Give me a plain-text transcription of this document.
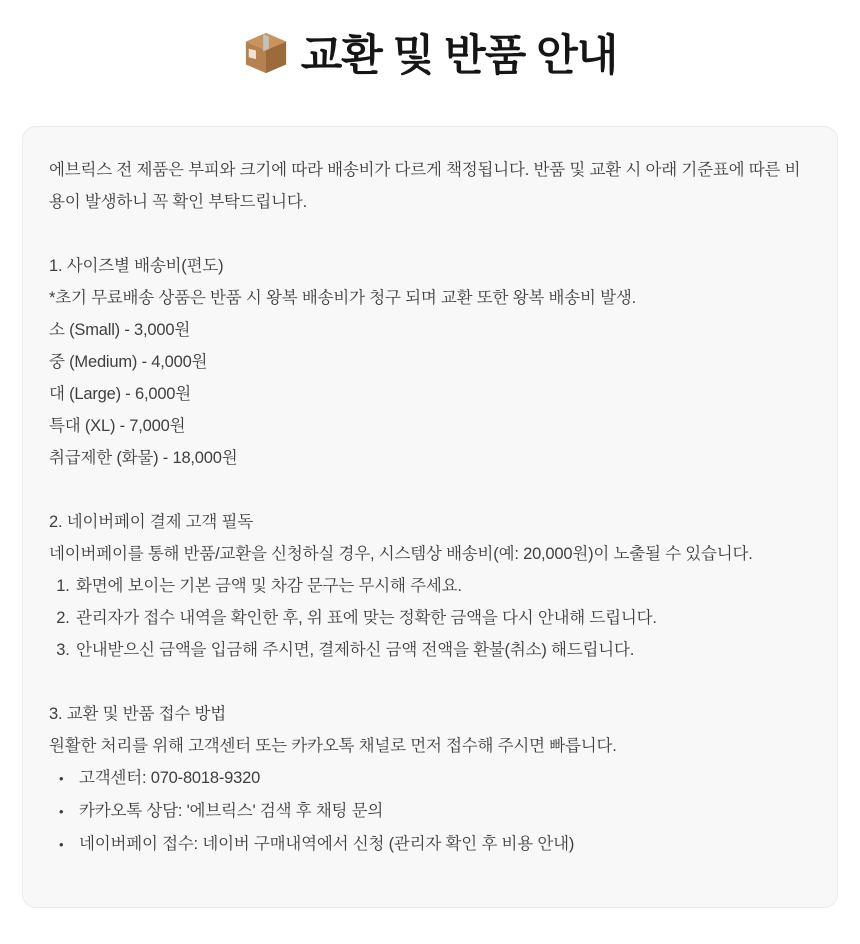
교환 및 반품 안내

에브릭스 전 제품은 부피와 크기에 따라 배송비가 다르게 책정됩니다. 반품 및 교환 시 아래 기준표에 따른 비용이 발생하니 꼭 확인 부탁드립니다.

1. 사이즈별 배송비(편도)

*초기 무료배송 상품은 반품 시 왕복 배송비가 청구 되며 교환 또한 왕복 배송비 발생.

소 (Small) - 3,000원

중 (Medium) - 4,000원

대 (Large) - 6,000원

특대 (XL) - 7,000원

취급제한 (화물) - 18,000원

2. 네이버페이 결제 고객 필독

네이버페이를 통해 반품/교환을 신청하실 경우, 시스템상 배송비(예: 20,000원)이 노출될 수 있습니다.

1. 화면에 보이는 기본 금액 및 차감 문구는 무시해 주세요.
2. 관리자가 접수 내역을 확인한 후, 위 표에 맞는 정확한 금액을 다시 안내해 드립니다.
3. 안내받으신 금액을 입금해 주시면, 결제하신 금액 전액을 환불(취소) 해드립니다.

3. 교환 및 반품 접수 방법

원활한 처리를 위해 고객센터 또는 카카오톡 채널로 먼저 접수해 주시면 빠릅니다.

• 고객센터: 070-8018-9320
• 카카오톡 상담: '에브릭스' 검색 후 채팅 문의
• 네이버페이 접수: 네이버 구매내역에서 신청 (관리자 확인 후 비용 안내)
